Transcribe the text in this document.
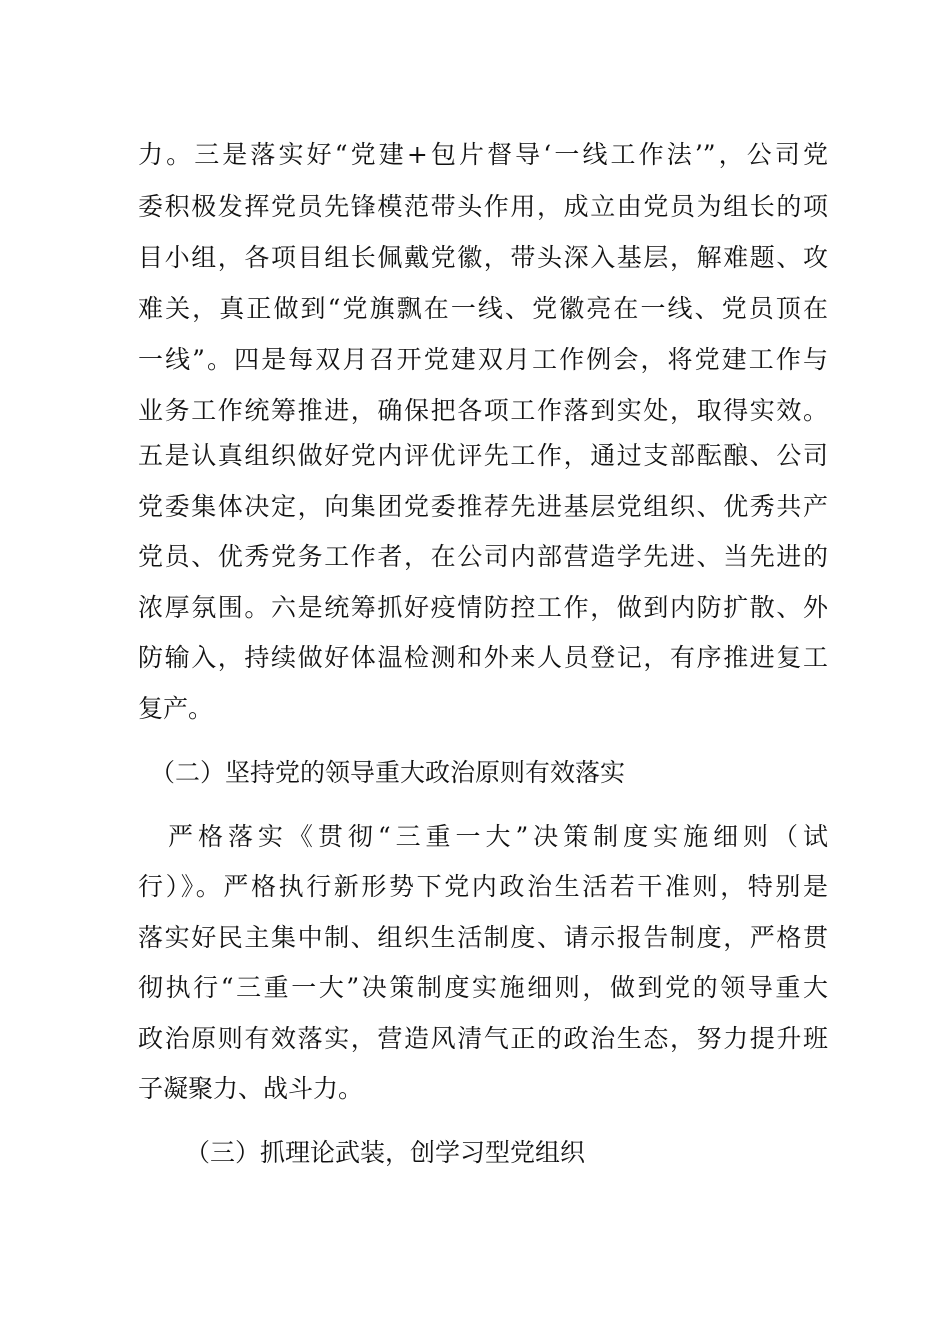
力。三是落实好“党建+包片督导‘一线工作法’”，公司党
委积极发挥党员先锋模范带头作用，成立由党员为组长的项
目小组，各项目组长佩戴党徽，带头深入基层，解难题、攻
难关，真正做到“党旗飘在一线、党徽亮在一线、党员顶在
一线”。四是每双月召开党建双月工作例会，将党建工作与
业务工作统筹推进，确保把各项工作落到实处，取得实效。
五是认真组织做好党内评优评先工作，通过支部酝酿、公司
党委集体决定，向集团党委推荐先进基层党组织、优秀共产
党员、优秀党务工作者，在公司内部营造学先进、当先进的
浓厚氛围。六是统筹抓好疫情防控工作，做到内防扩散、外
防输入，持续做好体温检测和外来人员登记，有序推进复工
复产。
（二）坚持党的领导重大政治原则有效落实
严格落实《贯彻“三重一大”决策制度实施细则（试
行）》。严格执行新形势下党内政治生活若干准则，特别是
落实好民主集中制、组织生活制度、请示报告制度，严格贯
彻执行“三重一大”决策制度实施细则，做到党的领导重大
政治原则有效落实，营造风清气正的政治生态，努力提升班
子凝聚力、战斗力。
（三）抓理论武装，创学习型党组织
